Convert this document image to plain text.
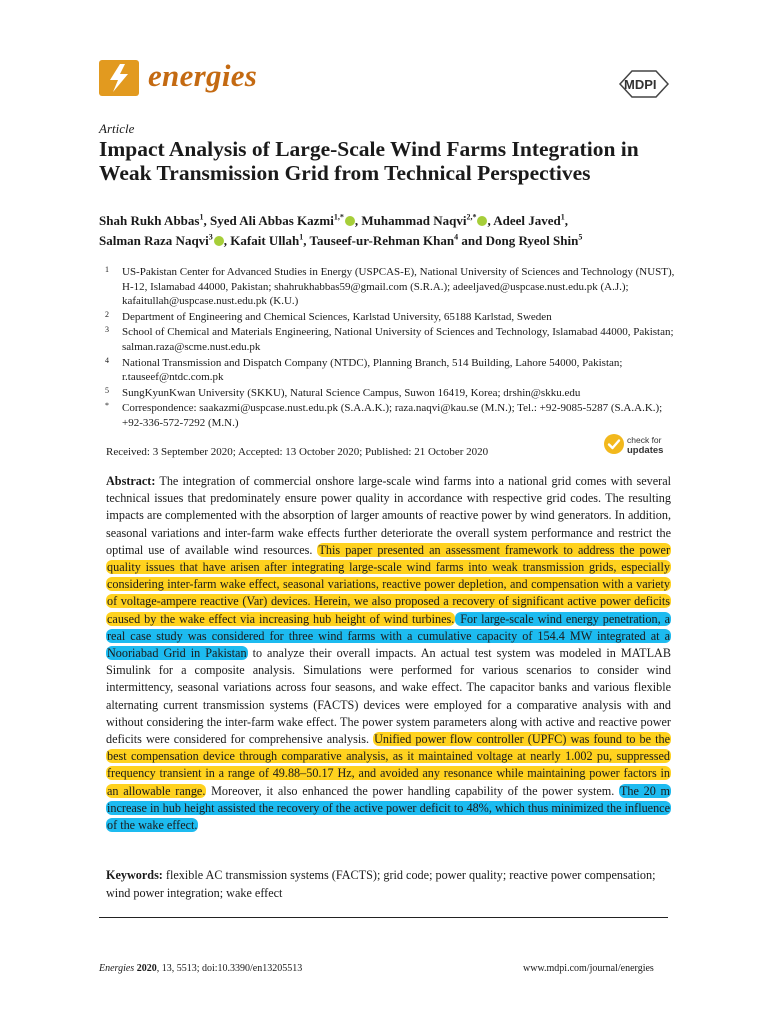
energies	MDPI
Article
Impact Analysis of Large-Scale Wind Farms Integration in Weak Transmission Grid from Technical Perspectives
Shah Rukh Abbas$^1$, Syed Ali Abbas Kazmi$^{1,*}$ , Muhammad Naqvi$^{2,*}$ , Adeel Javed$^1$,
Salman Raza Naqvi$^3$ , Kafait Ullah$^1$, Tauseef-ur-Rehman Khan$^4$ and Dong Ryeol Shin$^5$
1 US-Pakistan Center for Advanced Studies in Energy (USPCAS-E), National University of Sciences and Technology (NUST), H-12, Islamabad 44000, Pakistan; shahrukhabbas59@gmail.com (S.R.A.); adeeljaved@uspcase.nust.edu.pk (A.J.); kafaitullah@uspcase.nust.edu.pk (K.U.)
2 Department of Engineering and Chemical Sciences, Karlstad University, 65188 Karlstad, Sweden
3 School of Chemical and Materials Engineering, National University of Sciences and Technology, Islamabad 44000, Pakistan; salman.raza@scme.nust.edu.pk
4 National Transmission and Dispatch Company (NTDC), Planning Branch, 514 Building, Lahore 54000, Pakistan; r.tauseef@ntdc.com.pk
5 SungKyunKwan University (SKKU), Natural Science Campus, Suwon 16419, Korea; drshin@skku.edu
* Correspondence: saakazmi@uspcase.nust.edu.pk (S.A.A.K.); raza.naqvi@kau.se (M.N.); Tel.: +92-9085-5287 (S.A.A.K.); +92-336-572-7292 (M.N.)
Received: 3 September 2020; Accepted: 13 October 2020; Published: 21 October 2020
check for
updates
Abstract: The integration of commercial onshore large-scale wind farms into a national grid comes with several technical issues that predominately ensure power quality in accordance with respective grid codes. The resulting impacts are complemented with the absorption of larger amounts of reactive power by wind generators. In addition, seasonal variations and inter-farm wake effects further deteriorate the overall system performance and restrict the optimal use of available wind resources. This paper presented an assessment framework to address the power quality issues that have arisen after integrating large-scale wind farms into weak transmission grids, especially considering inter-farm wake effect, seasonal variations, reactive power depletion, and compensation with a variety of voltage-ampere reactive (Var) devices. Herein, we also proposed a recovery of significant active power deficits caused by the wake effect via increasing hub height of wind turbines. For large-scale wind energy penetration, a real case study was considered for three wind farms with a cumulative capacity of 154.4 MW integrated at a Nooriabad Grid in Pakistan to analyze their overall impacts. An actual test system was modeled in MATLAB Simulink for a composite analysis. Simulations were performed for various scenarios to consider wind intermittency, seasonal variations across four seasons, and wake effect. The capacitor banks and various flexible alternating current transmission systems (FACTS) devices were employed for a comparative analysis with and without considering the inter-farm wake effect. The power system parameters along with active and reactive power deficits were considered for comprehensive analysis. Unified power flow controller (UPFC) was found to be the best compensation device through comparative analysis, as it maintained voltage at nearly 1.002 pu, suppressed frequency transient in a range of 49.88–50.17 Hz, and avoided any resonance while maintaining power factors in an allowable range. Moreover, it also enhanced the power handling capability of the power system. The 20 m increase in hub height assisted the recovery of the active power deficit to 48%, which thus minimized the influence of the wake effect.
Keywords: flexible AC transmission systems (FACTS); grid code; power quality; reactive power compensation; wind power integration; wake effect
Energies 2020, 13, 5513; doi:10.3390/en13205513	www.mdpi.com/journal/energies
